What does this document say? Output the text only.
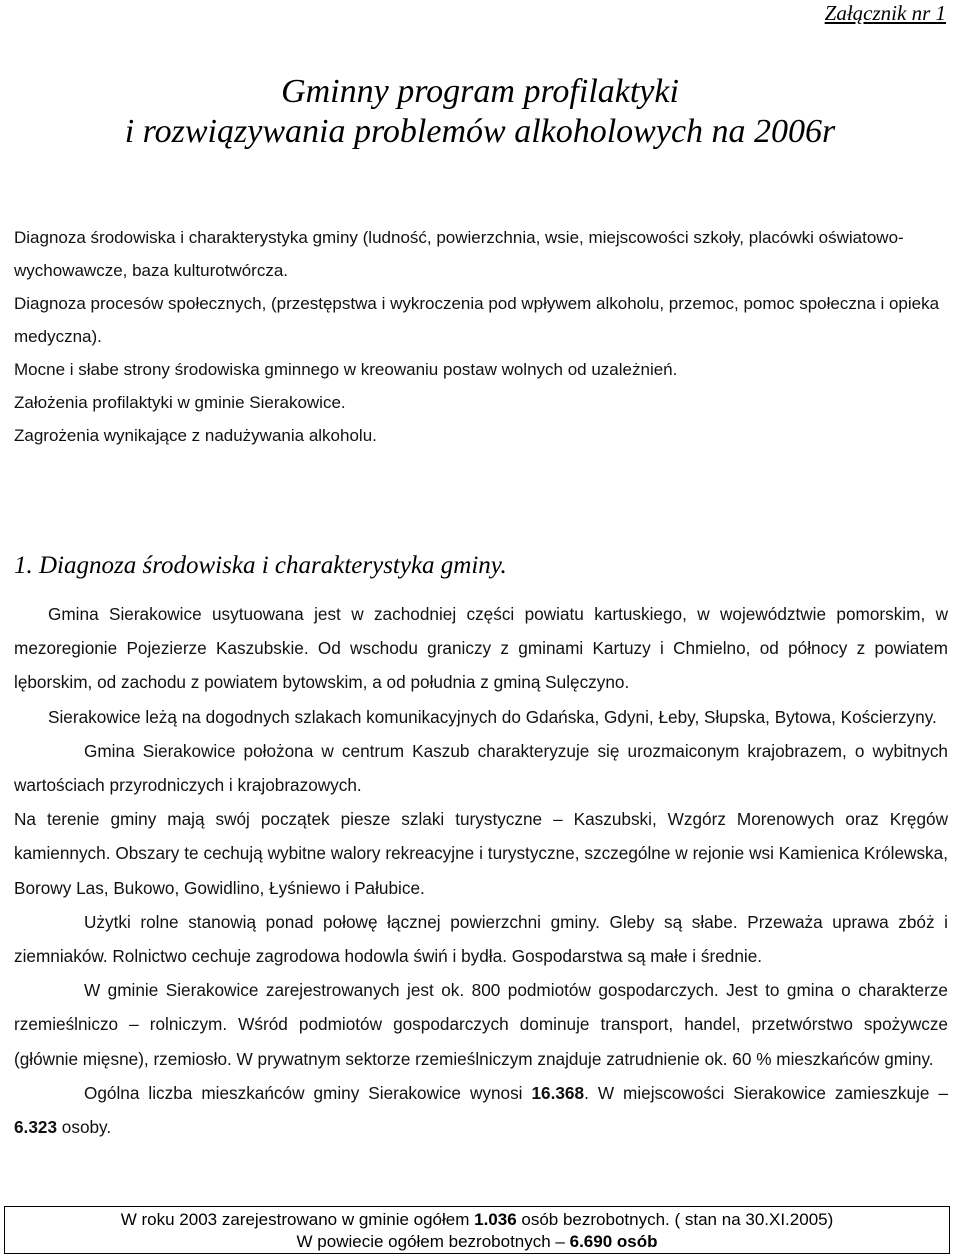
Załącznik nr 1
Gminny program profilaktyki
i rozwiązywania problemów alkoholowych na 2006r
Diagnoza środowiska i charakterystyka gminy (ludność, powierzchnia, wsie, miejscowości szkoły, placówki oświatowo-wychowawcze, baza kulturotwórcza.
Diagnoza procesów społecznych, (przestępstwa i wykroczenia pod wpływem alkoholu, przemoc, pomoc społeczna i opieka medyczna).
Mocne i słabe strony środowiska gminnego w kreowaniu postaw wolnych od uzależnień.
Założenia profilaktyki w gminie Sierakowice.
Zagrożenia wynikające z nadużywania alkoholu.
1. Diagnoza środowiska i charakterystyka gminy.

Gmina Sierakowice usytuowana jest w zachodniej części powiatu kartuskiego, w województwie pomorskim, w mezoregionie Pojezierze Kaszubskie. Od wschodu graniczy z gminami Kartuzy i Chmielno, od północy z powiatem lęborskim, od zachodu z powiatem bytowskim, a od południa z gminą Sulęczyno.

Sierakowice leżą na dogodnych szlakach komunikacyjnych do Gdańska, Gdyni, Łeby, Słupska, Bytowa, Kościerzyny.

Gmina Sierakowice położona w centrum Kaszub charakteryzuje się urozmaiconym krajobrazem, o wybitnych wartościach przyrodniczych i krajobrazowych.

Na terenie gminy mają swój początek piesze szlaki turystyczne – Kaszubski, Wzgórz Morenowych oraz Kręgów kamiennych. Obszary te cechują wybitne walory rekreacyjne i turystyczne, szczególne w rejonie wsi Kamienica Królewska, Borowy Las, Bukowo, Gowidlino, Łyśniewo i Pałubice.

Użytki rolne stanowią ponad połowę łącznej powierzchni gminy. Gleby są słabe. Przeważa uprawa zbóż i ziemniaków. Rolnictwo cechuje zagrodowa hodowla świń i bydła. Gospodarstwa są małe i średnie.

W gminie Sierakowice zarejestrowanych jest ok. 800 podmiotów gospodarczych. Jest to gmina o charakterze rzemieślniczo – rolniczym. Wśród podmiotów gospodarczych dominuje transport, handel, przetwórstwo spożywcze (głównie mięsne), rzemiosło. W prywatnym sektorze rzemieślniczym znajduje zatrudnienie ok. 60 % mieszkańców gminy.

Ogólna liczba mieszkańców gminy Sierakowice wynosi 16.368. W miejscowości Sierakowice zamieszkuje – 6.323 osoby.

W roku 2003 zarejestrowano w gminie ogółem 1.036 osób bezrobotnych. ( stan na 30.XI.2005)
W powiecie ogółem bezrobotnych – 6.690 osób
